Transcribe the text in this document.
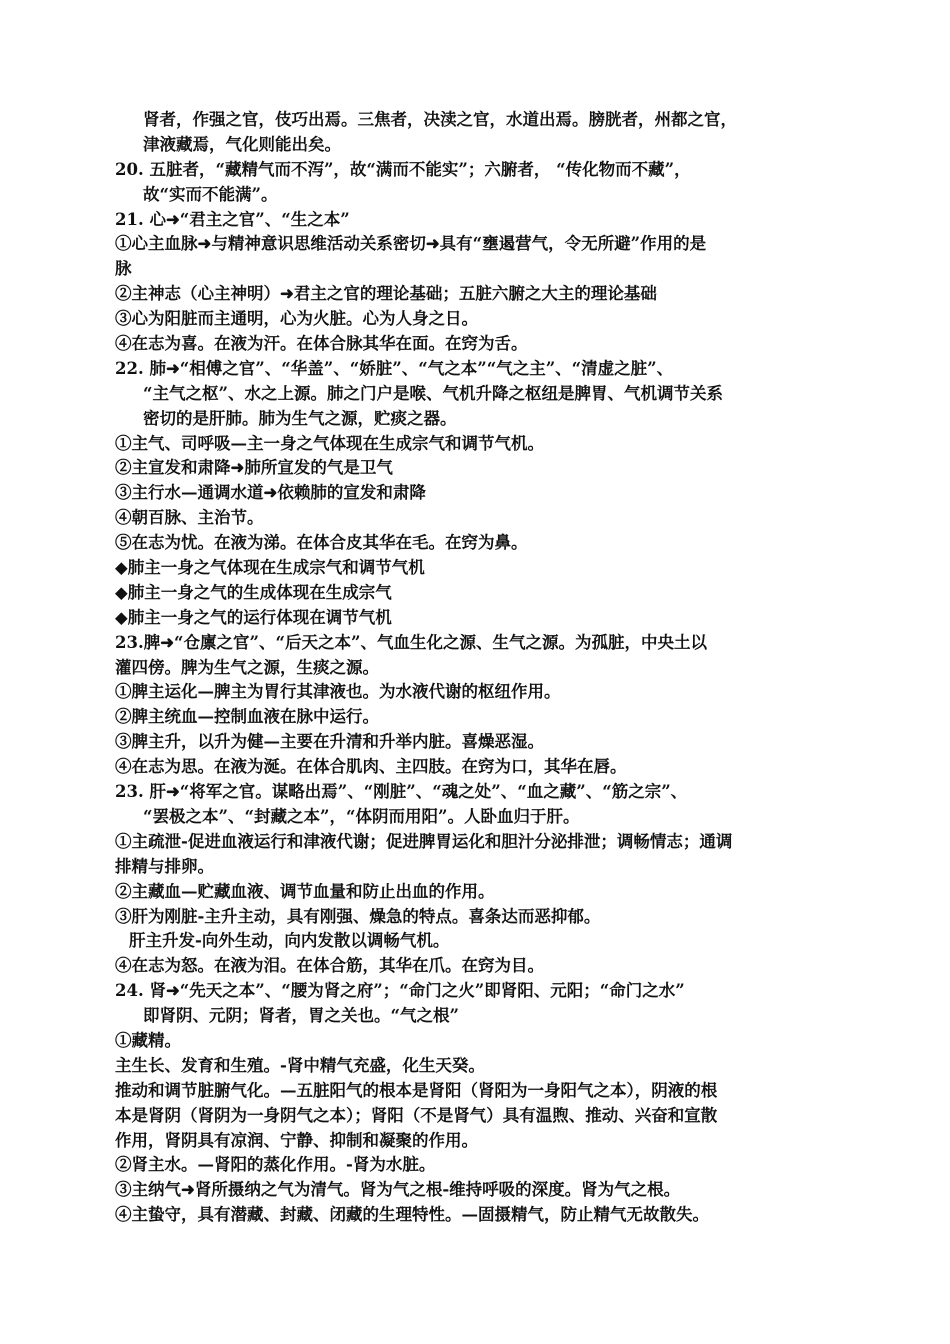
肾者，作强之官，伎巧出焉。三焦者，决渎之官，水道出焉。膀胱者，州都之官，
津液藏焉，气化则能出矣。
20. 五脏者，“藏精气而不泻”，故“满而不能实”；六腑者， “传化物而不藏”，
故“实而不能满”。
21. 心➜“君主之官”、“生之本”
①心主血脉➜与精神意识思维活动关系密切➜具有“壅遏营气，令无所避”作用的是
脉
②主神志（心主神明）➜君主之官的理论基础；五脏六腑之大主的理论基础
③心为阳脏而主通明，心为火脏。心为人身之日。
④在志为喜。在液为汗。在体合脉其华在面。在窍为舌。
22. 肺➜“相傅之官”、“华盖”、“娇脏”、“气之本”“气之主”、“清虚之脏”、
“主气之枢”、水之上源。肺之门户是喉、气机升降之枢纽是脾胃、气机调节关系
密切的是肝肺。肺为生气之源，贮痰之器。
①主气、司呼吸—主一身之气体现在生成宗气和调节气机。
②主宣发和肃降➜肺所宣发的气是卫气
③主行水—通调水道➜依赖肺的宣发和肃降
④朝百脉、主治节。
⑤在志为忧。在液为涕。在体合皮其华在毛。在窍为鼻。
◆肺主一身之气体现在生成宗气和调节气机
◆肺主一身之气的生成体现在生成宗气
◆肺主一身之气的运行体现在调节气机
23.脾➜“仓廪之官”、“后天之本”、气血生化之源、生气之源。为孤脏，中央土以
灌四傍。脾为生气之源，生痰之源。
①脾主运化—脾主为胃行其津液也。为水液代谢的枢纽作用。
②脾主统血—控制血液在脉中运行。
③脾主升，以升为健—主要在升清和升举内脏。喜燥恶湿。
④在志为思。在液为涎。在体合肌肉、主四肢。在窍为口，其华在唇。
23. 肝➜“将军之官。谋略出焉”、“刚脏”、“魂之处”、“血之藏”、“筋之宗”、
“罢极之本”、“封藏之本”，“体阴而用阳”。人卧血归于肝。
①主疏泄-促进血液运行和津液代谢；促进脾胃运化和胆汁分泌排泄；调畅情志；通调
排精与排卵。
②主藏血—贮藏血液、调节血量和防止出血的作用。
③肝为刚脏-主升主动，具有刚强、燥急的特点。喜条达而恶抑郁。
肝主升发-向外生动，向内发散以调畅气机。
④在志为怒。在液为泪。在体合筋，其华在爪。在窍为目。
24. 肾➜“先天之本”、“腰为肾之府”；“命门之火”即肾阳、元阳；“命门之水”
即肾阴、元阴；肾者，胃之关也。“气之根”
①藏精。
主生长、发育和生殖。-肾中精气充盛，化生天癸。
推动和调节脏腑气化。—五脏阳气的根本是肾阳（肾阳为一身阳气之本），阴液的根
本是肾阴（肾阴为一身阴气之本）；肾阳（不是肾气）具有温煦、推动、兴奋和宣散
作用，肾阴具有凉润、宁静、抑制和凝聚的作用。
②肾主水。—肾阳的蒸化作用。-肾为水脏。
③主纳气➜肾所摄纳之气为清气。肾为气之根-维持呼吸的深度。肾为气之根。
④主蛰守，具有潜藏、封藏、闭藏的生理特性。—固摄精气，防止精气无故散失。
